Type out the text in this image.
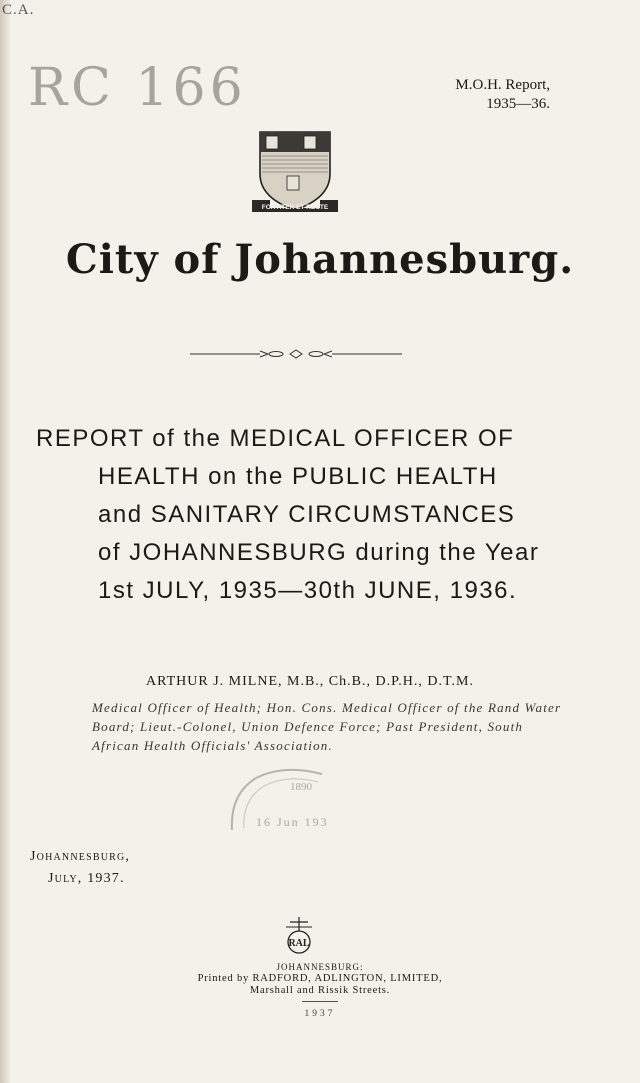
C.A.
RC 166	M.O.H. Report,
1935—36.
FORTITER ET RECTE
City of Johannesburg.
REPORT of the MEDICAL OFFICER OF
HEALTH on the PUBLIC HEALTH
and SANITARY CIRCUMSTANCES
of JOHANNESBURG during the Year
1st JULY, 1935—30th JUNE, 1936.
ARTHUR J. MILNE, M.B., Ch.B., D.P.H., D.T.M.
Medical Officer of Health; Hon. Cons. Medical Officer of the Rand Water
Board; Lieut.-Colonel, Union Defence Force; Past President, South
African Health Officials' Association.
1890
16 Jun 193
Johannesburg,
July, 1937.
RAL
JOHANNESBURG:
Printed by RADFORD, ADLINGTON, LIMITED,
Marshall and Rissik Streets.
1937
